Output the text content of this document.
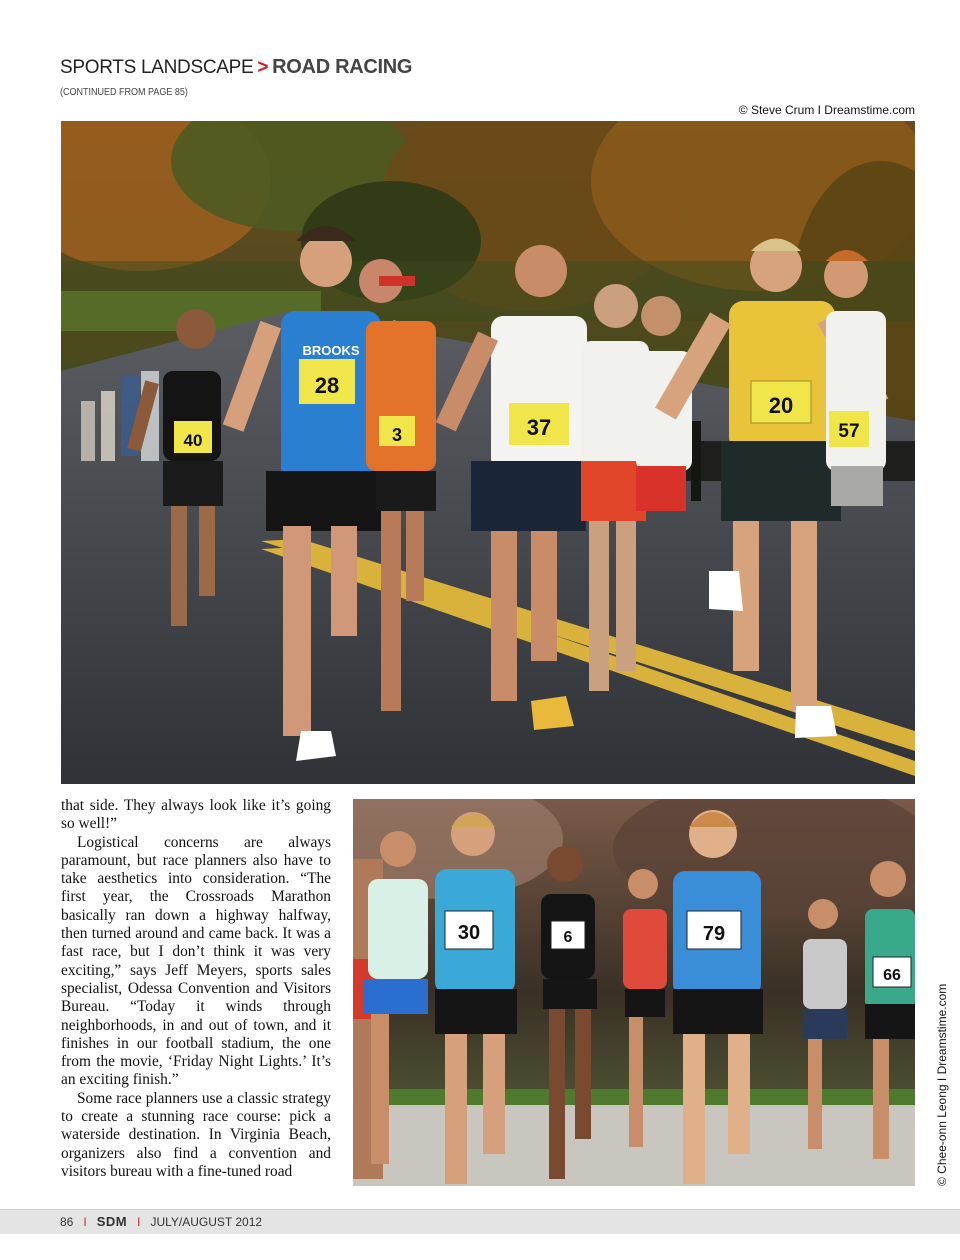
SPORTS LANDSCAPE > ROAD RACING
(CONTINUED FROM PAGE 85)
© Steve Crum I Dreamstime.com
40
BROOKS
28
3	37
20
57
30	6	79
66
© Chee-onn Leong I Dreamstime.com

that side. They always look like it’s going so well!”

Logistical concerns are always paramount, but race planners also have to take aesthetics into consideration. “The first year, the Crossroads Marathon basically ran down a highway halfway, then turned around and came back. It was a fast race, but I don’t think it was very exciting,” says Jeff Meyers, sports sales specialist, Odessa Convention and Visitors Bureau. “Today it winds through neighborhoods, in and out of town, and it finishes in our football stadium, the one from the movie, ‘Friday Night Lights.’ It’s an exciting finish.”

Some race planners use a classic strategy to create a stunning race course: pick a waterside destination. In Virginia Beach, organizers also find a convention and visitors bureau with a fine-tuned road

86 I SDM I JULY/AUGUST 2012
